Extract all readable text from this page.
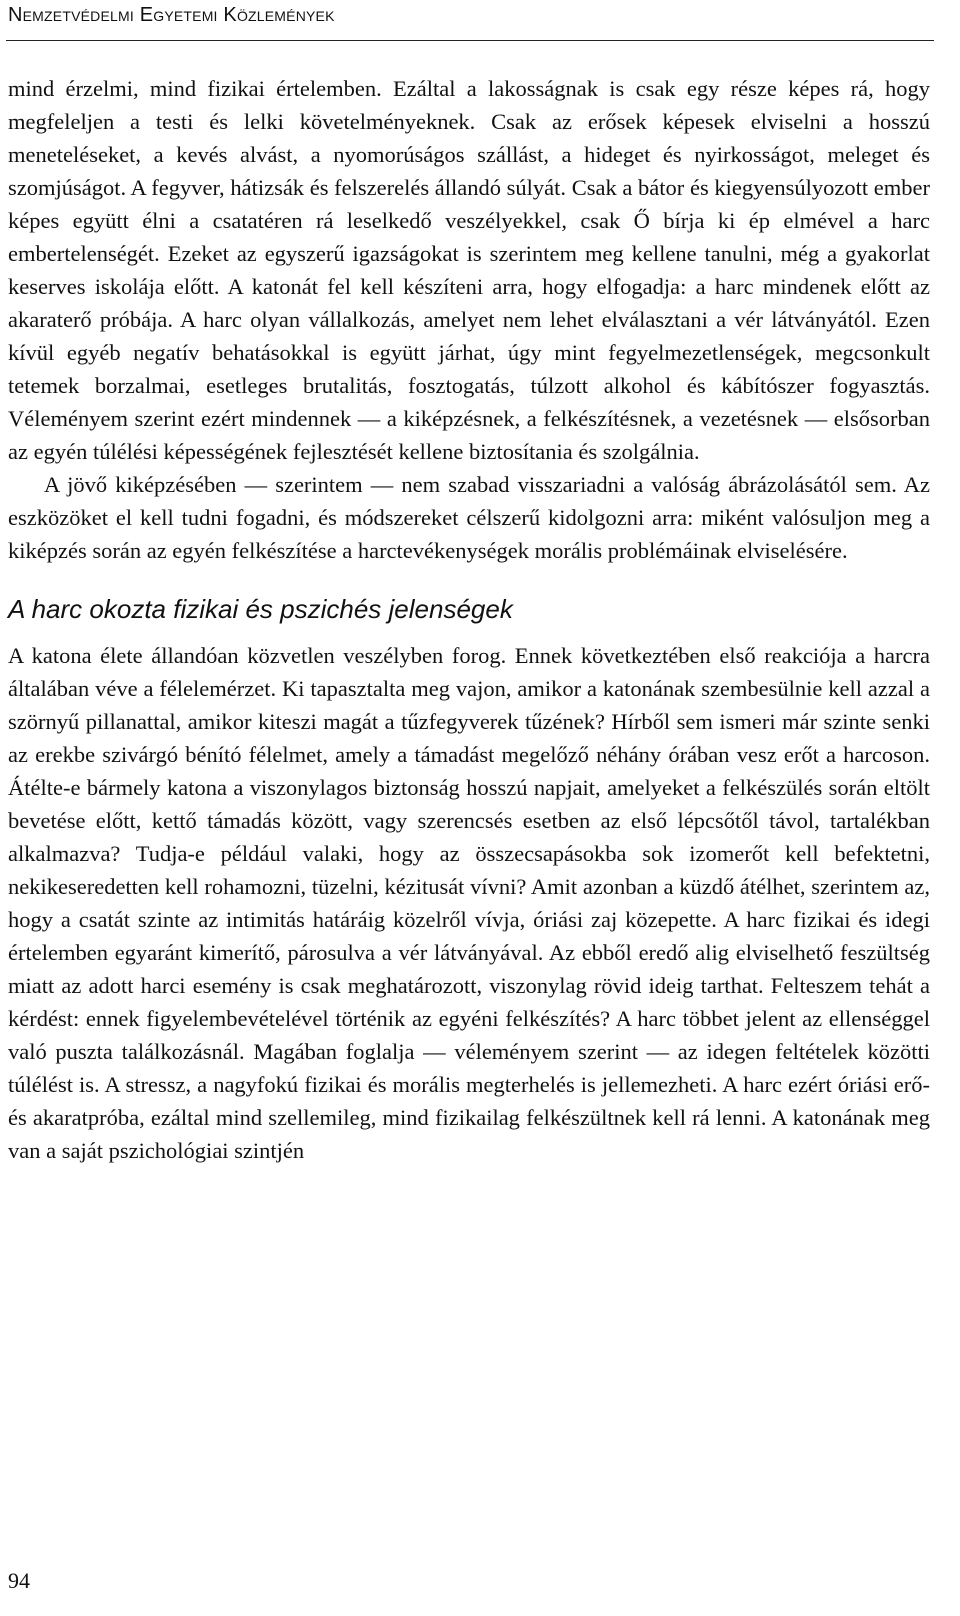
Nemzetvédelmi Egyetemi Közlemények

mind érzelmi, mind fizikai értelemben. Ezáltal a lakosságnak is csak egy része képes rá, hogy megfeleljen a testi és lelki követelményeknek. Csak az erősek képesek elviselni a hosszú meneteléseket, a kevés alvást, a nyomorúságos szállást, a hideget és nyirkosságot, meleget és szomjúságot. A fegyver, hátizsák és felszerelés állandó súlyát. Csak a bátor és kiegyensúlyozott ember képes együtt élni a csatatéren rá leselkedő veszélyekkel, csak Ő bírja ki ép elmével a harc embertelenségét. Ezeket az egyszerű igazságokat is szerintem meg kellene tanulni, még a gyakorlat keserves iskolája előtt. A katonát fel kell készíteni arra, hogy elfogadja: a harc mindenek előtt az akaraterő próbája. A harc olyan vállalkozás, amelyet nem lehet elválasztani a vér látványától. Ezen kívül egyéb negatív behatásokkal is együtt járhat, úgy mint fegyelmezetlenségek, megcsonkult tetemek borzalmai, esetleges brutalitás, fosztogatás, túlzott alkohol és kábítószer fogyasztás. Véleményem szerint ezért mindennek — a kiképzésnek, a felkészítésnek, a vezetésnek — elsősorban az egyén túlélési képességének fejlesztését kellene biztosítania és szolgálnia.

A jövő kiképzésében — szerintem — nem szabad visszariadni a valóság ábrázolásától sem. Az eszközöket el kell tudni fogadni, és módszereket célszerű kidolgozni arra: miként valósuljon meg a kiképzés során az egyén felkészítése a harctevékenységek morális problémáinak elviselésére.

A harc okozta fizikai és pszichés jelenségek

A katona élete állandóan közvetlen veszélyben forog. Ennek következtében első reakciója a harcra általában véve a félelemérzet. Ki tapasztalta meg vajon, amikor a katonának szembesülnie kell azzal a szörnyű pillanattal, amikor kiteszi magát a tűzfegyverek tűzének? Hírből sem ismeri már szinte senki az erekbe szivárgó bénító félelmet, amely a támadást megelőző néhány órában vesz erőt a harcoson. Átélte-e bármely katona a viszonylagos biztonság hosszú napjait, amelyeket a felkészülés során eltölt bevetése előtt, kettő támadás között, vagy szerencsés esetben az első lépcsőtől távol, tartalékban alkalmazva? Tudja-e például valaki, hogy az összecsapásokba sok izomerőt kell befektetni, nekikeseredetten kell rohamozni, tüzelni, kézitusát vívni? Amit azonban a küzdő átélhet, szerintem az, hogy a csatát szinte az intimitás határáig közelről vívja, óriási zaj közepette. A harc fizikai és idegi értelemben egyaránt kimerítő, párosulva a vér látványával. Az ebből eredő alig elviselhető feszültség miatt az adott harci esemény is csak meghatározott, viszonylag rövid ideig tarthat. Felteszem tehát a kérdést: ennek figyelembevételével történik az egyéni felkészítés? A harc többet jelent az ellenséggel való puszta találkozásnál. Magában foglalja — véleményem szerint — az idegen feltételek közötti túlélést is. A stressz, a nagyfokú fizikai és morális megterhelés is jellemezheti. A harc ezért óriási erő- és akaratpróba, ezáltal mind szellemileg, mind fizikailag felkészültnek kell rá lenni. A katonának meg van a saját pszichológiai szintjén

94
